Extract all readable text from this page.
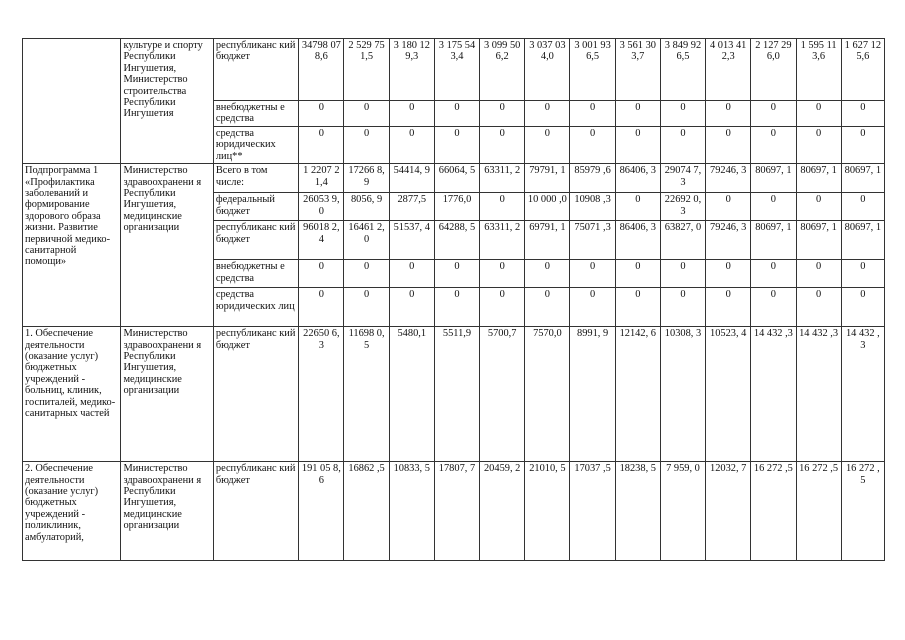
	культуре и спорту Республики Ингушетия, Министерство строительства Республики Ингушетия	республиканс кий бюджет	34798 078,6	2 529 751,5	3 180 129,3	3 175 543,4	3 099 506,2	3 037 034,0	3 001 936,5	3 561 303,7	3 849 926,5	4 013 412,3	2 127 296,0	1 595 113,6	1 627 125,6
		внебюджетны е средства	0	0	0	0	0	0	0	0	0	0	0	0	0
		средства юридических лиц**	0	0	0	0	0	0	0	0	0	0	0	0	0
Подпрограмма 1 «Профилактика заболеваний и формирование здорового образа жизни. Развитие первичной медико-санитарной помощи»	Министерство здравоохранени я Республики Ингушетия, медицинские организации	Всего в том числе:	1 2207 21,4	17266 8,9	54414, 9	66064, 5	63311, 2	79791, 1	85979 ,6	86406, 3	29074 7,3	79246, 3	80697, 1	80697, 1	80697, 1
		федеральный бюджет	26053 9,0	8056, 9	2877,5	1776,0	0	10 000 ,0	10908 ,3	0	22692 0,3	0	0	0	0
		республиканс кий бюджет	96018 2,4	16461 2,0	51537, 4	64288, 5	63311, 2	69791, 1	75071 ,3	86406, 3	63827, 0	79246, 3	80697, 1	80697, 1	80697, 1
		внебюджетны е средства	0	0	0	0	0	0	0	0	0	0	0	0	0
		средства юридических лиц	0	0	0	0	0	0	0	0	0	0	0	0	0
1. Обеспечение деятельности (оказание услуг) бюджетных учреждений - больниц, клиник, госпиталей, медико-санитарных частей	Министерство здравоохранени я Республики Ингушетия, медицинские организации	республиканс кий бюджет	22650 6,3	11698 0,5	5480,1	5511,9	5700,7	7570,0	8991, 9	12142, 6	10308, 3	10523, 4	14 432 ,3	14 432 ,3	14 432 ,3
2. Обеспечение деятельности (оказание услуг) бюджетных учреждений - поликлиник, амбулаторий,	Министерство здравоохранени я Республики Ингушетия, медицинские организации	республиканс кий бюджет	191 05 8,6	16862 ,5	10833, 5	17807, 7	20459, 2	21010, 5	17037 ,5	18238, 5	7 959, 0	12032, 7	16 272 ,5	16 272 ,5	16 272 ,5
